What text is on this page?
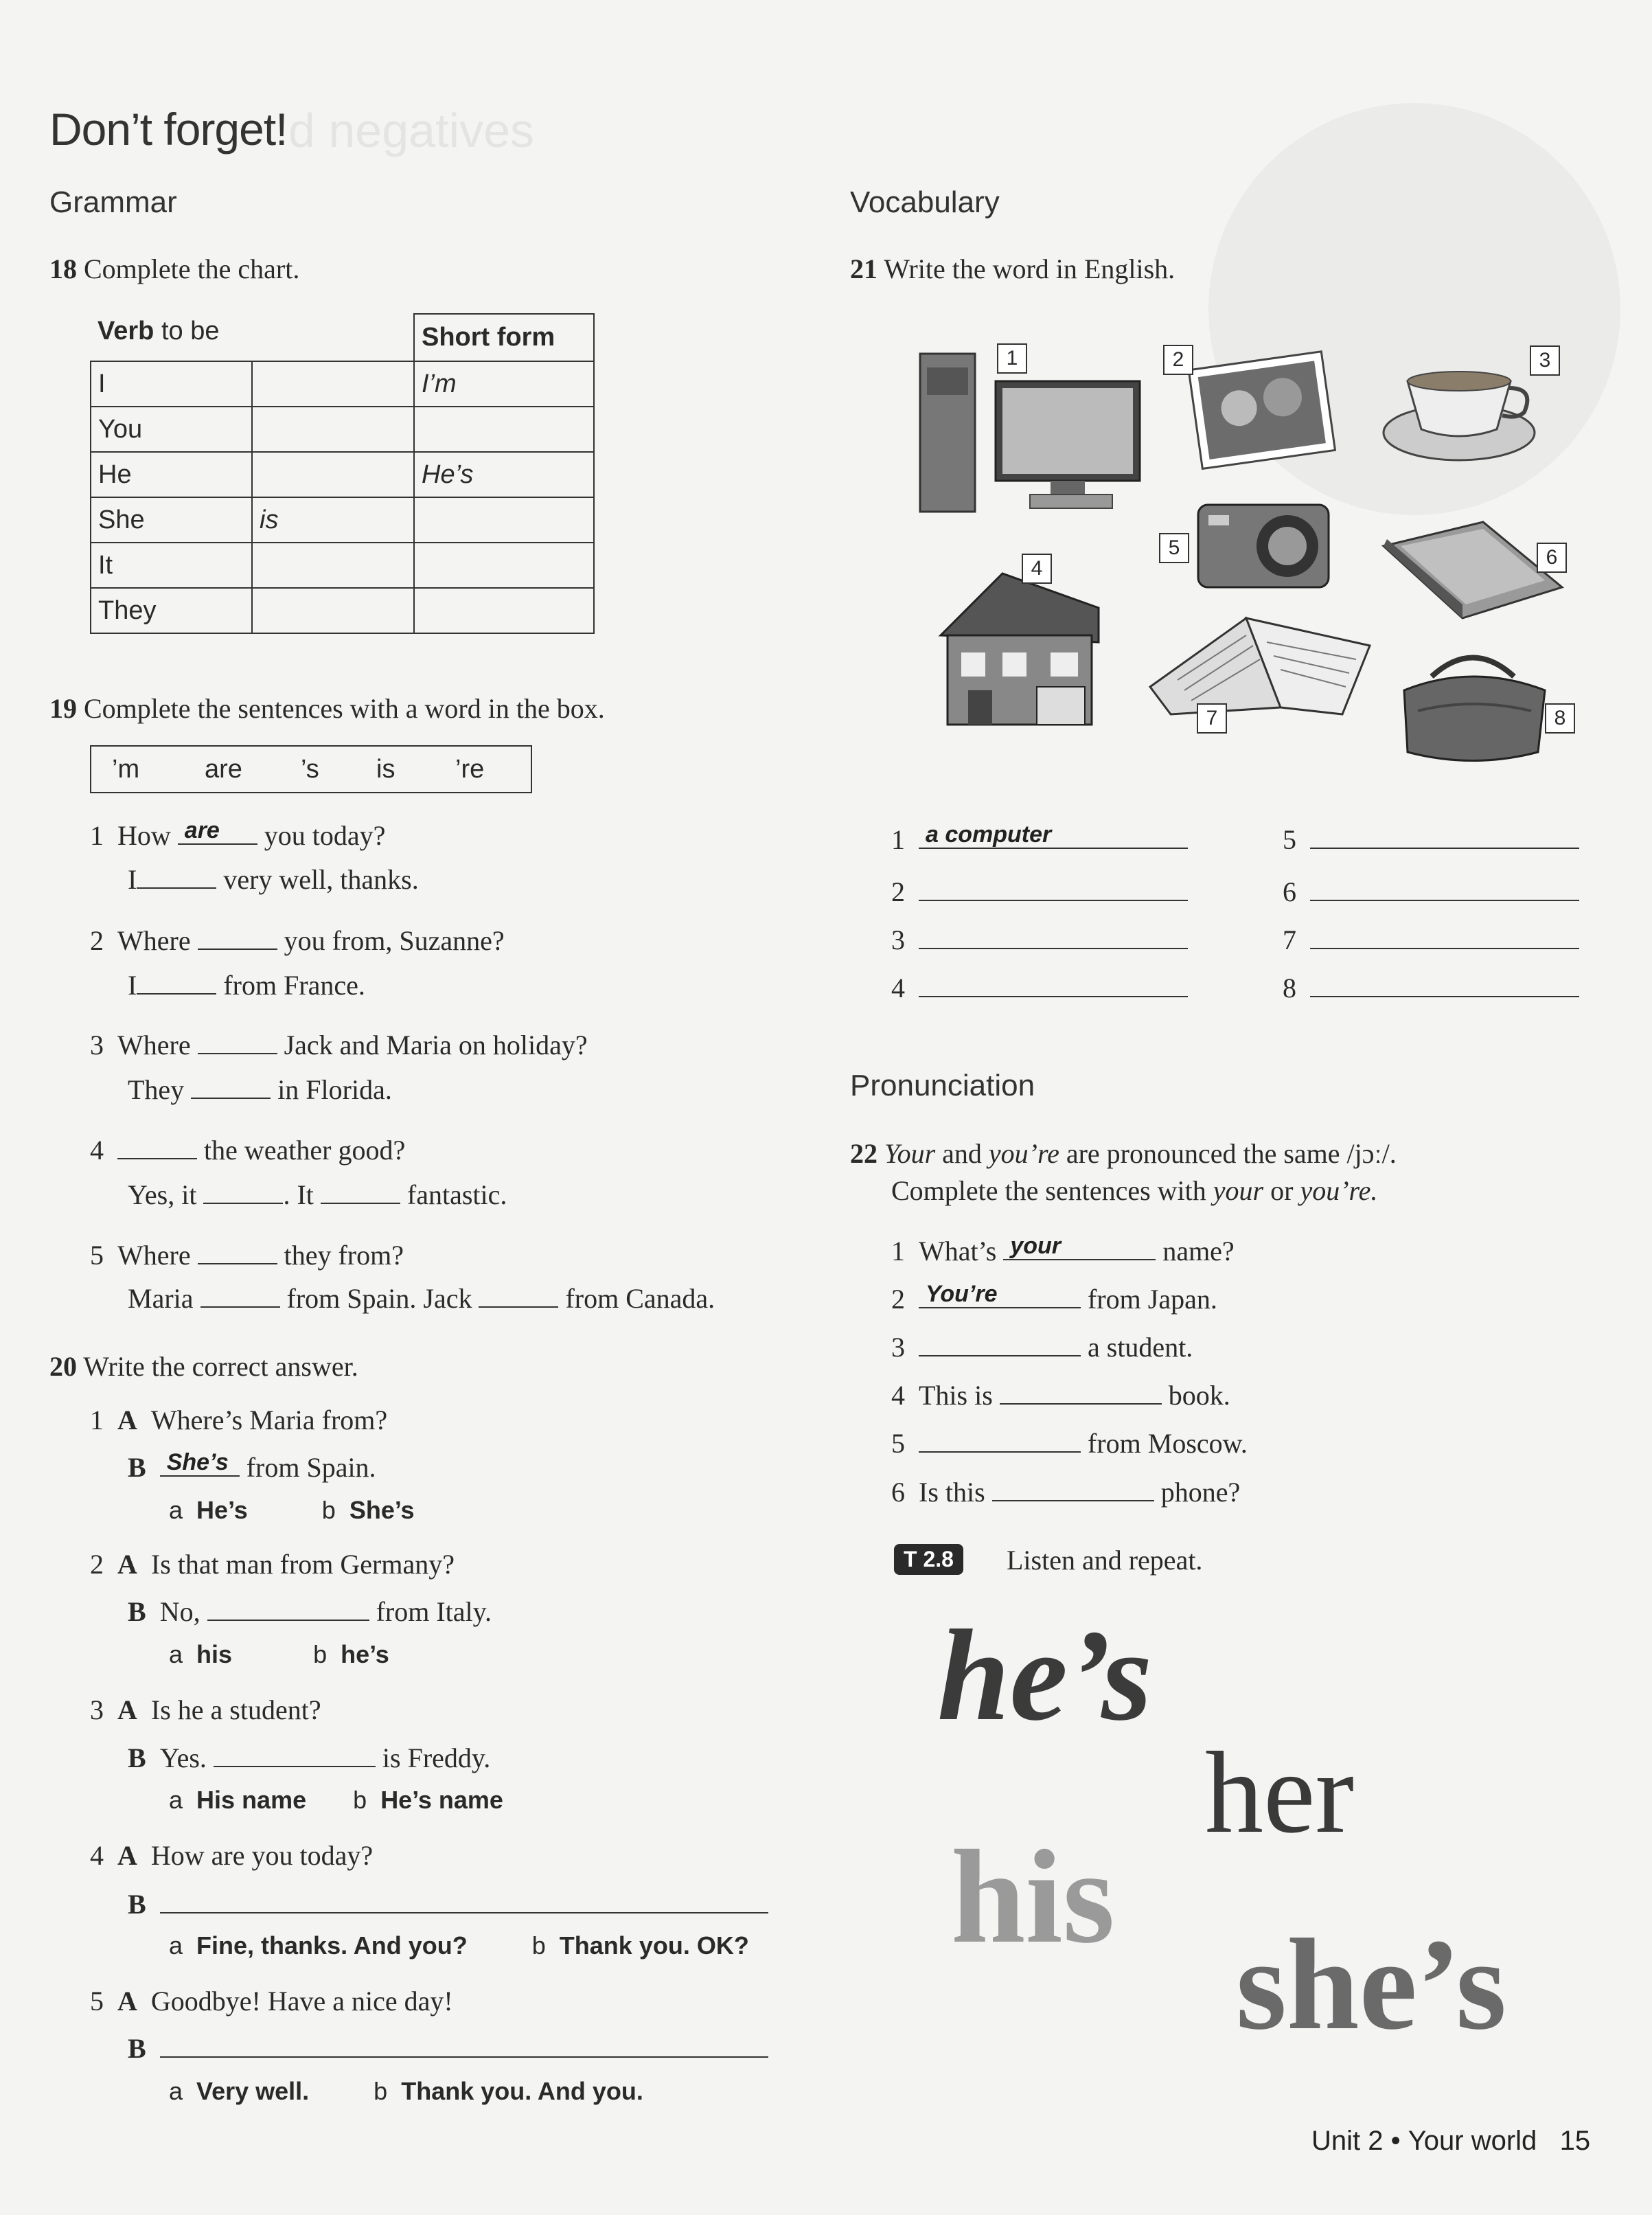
d negatives
Don’t forget!
Grammar
18 Complete the chart.
Verb to be		Short form
I		I’m
You		
He		He’s
She	is	
It		
They		
19 Complete the sentences with a word in the box.
’m are ’s is ’re
1 How are you today?
I	very well, thanks.
2 Where	you from, Suzanne?
I	from France.
3 Where	Jack and Maria on holiday?
They	in Florida.
4	the weather good?
Yes, it	. It	fantastic.
5 Where	they from?
Maria	from Spain. Jack	from Canada.
20 Write the correct answer.
1 A Where’s Maria from?
B She’s from Spain.
a He’s	b She’s
2 A Is that man from Germany?
B No,	from Italy.
a his	b he’s
3 A Is he a student?
B Yes.	is Freddy.
a His name b He’s name
4 A How are you today?
B
a Fine, thanks. And you?	b Thank you. OK?
5 A Goodbye! Have a nice day!
B
a Very well.	b Thank you. And you.
Vocabulary
21 Write the word in English.
1	2	3
4
5	6
7	8
1 a computer
2
3
4
5
6
7
8
Pronunciation
22 Your and you’re are pronounced the same /jɔː/.
Complete the sentences with your or you’re.
1 What’s your	name?
2 You’re	from Japan.
3	a student.
4 This is	book.
5	from Moscow.
6 Is this	phone?
T 2.8	Listen and repeat.
he’s
her
his
she’s
Unit 2 • Your world 15
